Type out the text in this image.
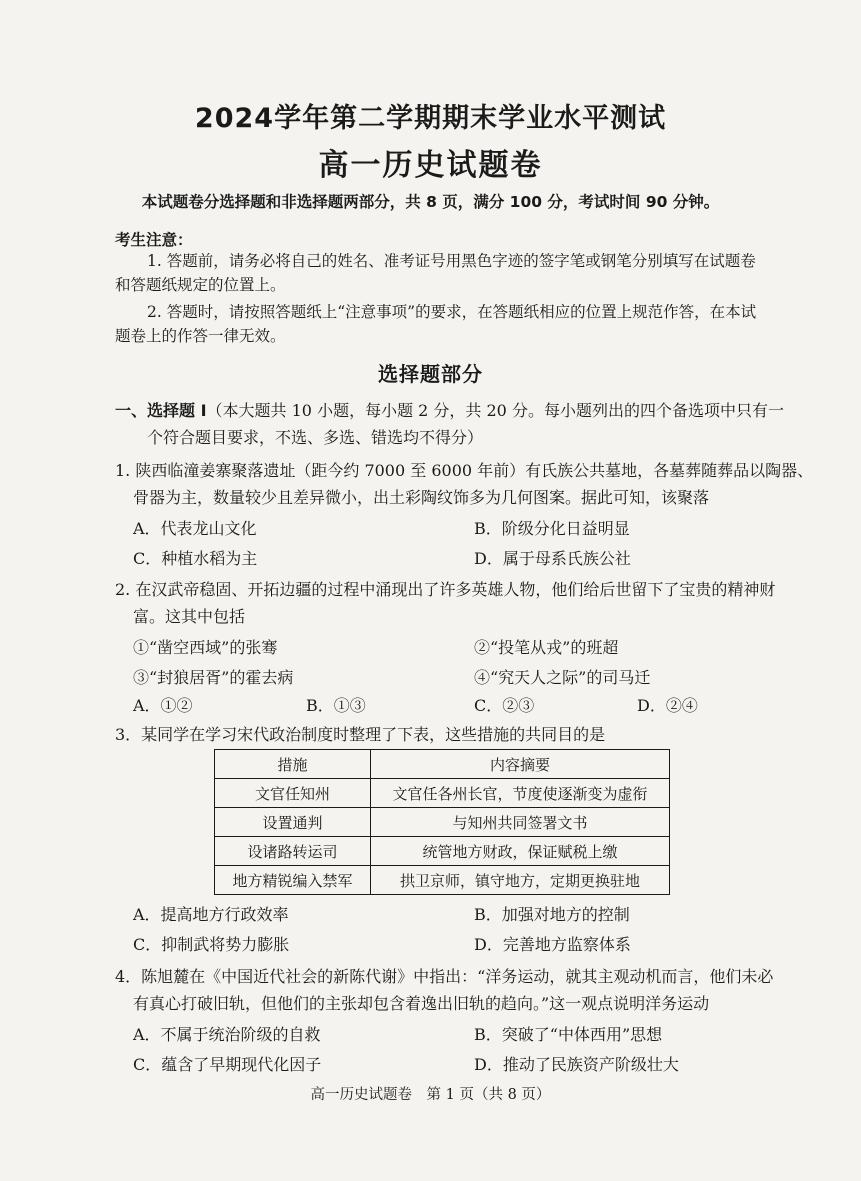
2024学年第二学期期末学业水平测试
高一历史试题卷
本试题卷分选择题和非选择题两部分，共 8 页，满分 100 分，考试时间 90 分钟。
考生注意：
1. 答题前，请务必将自己的姓名、准考证号用黑色字迹的签字笔或钢笔分别填写在试题卷
和答题纸规定的位置上。
2. 答题时，请按照答题纸上“注意事项”的要求，在答题纸相应的位置上规范作答，在本试
题卷上的作答一律无效。
选择题部分
一、选择题 I（本大题共 10 小题，每小题 2 分，共 20 分。每小题列出的四个备选项中只有一
个符合题目要求，不选、多选、错选均不得分）
1. 陕西临潼姜寨聚落遗址（距今约 7000 至 6000 年前）有氏族公共墓地，各墓葬随葬品以陶器、
骨器为主，数量较少且差异微小，出土彩陶纹饰多为几何图案。据此可知，该聚落
A．代表龙山文化	B．阶级分化日益明显
C．种植水稻为主	D．属于母系氏族公社
2. 在汉武帝稳固、开拓边疆的过程中涌现出了许多英雄人物，他们给后世留下了宝贵的精神财
富。这其中包括
①“凿空西域”的张骞	②“投笔从戎”的班超
③“封狼居胥”的霍去病	④“究天人之际”的司马迁
A．①②	B．①③	C．②③	D．②④
3．某同学在学习宋代政治制度时整理了下表，这些措施的共同目的是
措施	内容摘要
文官任知州	文官任各州长官，节度使逐渐变为虚衔
设置通判	与知州共同签署文书
设诸路转运司	统管地方财政，保证赋税上缴
地方精锐编入禁军	拱卫京师，镇守地方，定期更换驻地
A．提高地方行政效率	B．加强对地方的控制
C．抑制武将势力膨胀	D．完善地方监察体系
4．陈旭麓在《中国近代社会的新陈代谢》中指出：“洋务运动，就其主观动机而言，他们未必
有真心打破旧轨，但他们的主张却包含着逸出旧轨的趋向。”这一观点说明洋务运动
A．不属于统治阶级的自救	B．突破了“中体西用”思想
C．蕴含了早期现代化因子	D．推动了民族资产阶级壮大
高一历史试题卷　第 1 页（共 8 页）
